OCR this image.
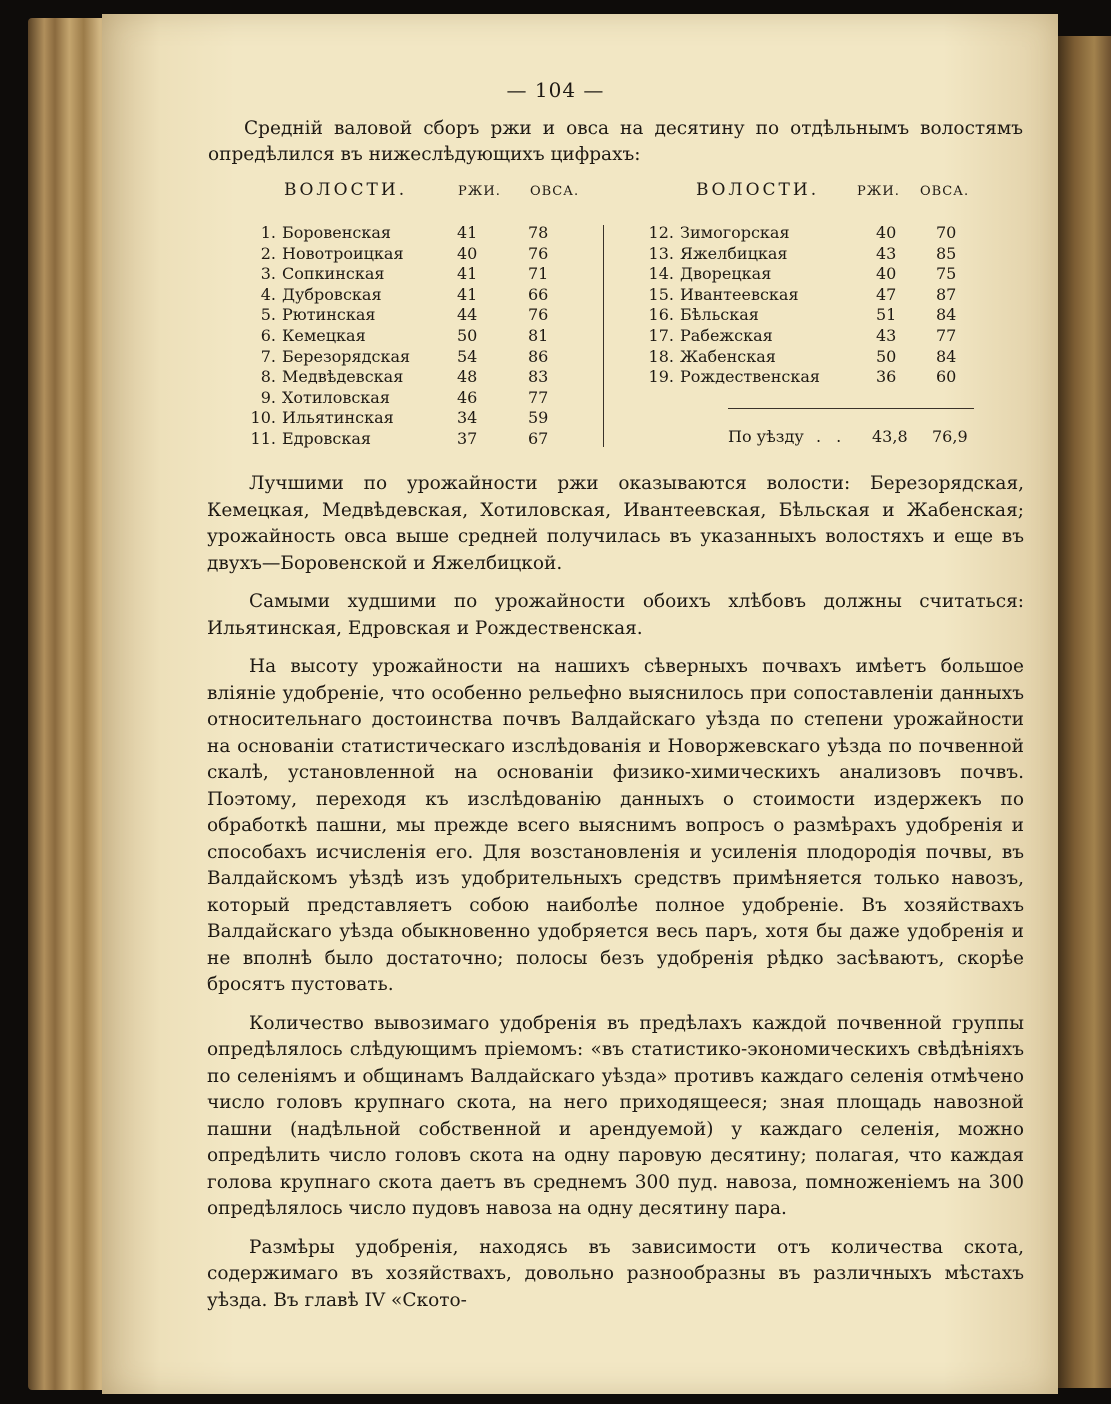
— 104 —

Средній валовой сборъ ржи и овса на десятину по отдѣльнымъ волостямъ опредѣлился въ нижеслѣдующихъ цифрахъ:

ВОЛОСТИ.	РЖИ. ОВСА.	ВОЛОСТИ.	РЖИ. ОВСА.
1. Боровенская	41	78
2. Новотроицкая	40	76
3. Сопкинская	41	71
4. Дубровская	41	66
5. Рютинская	44	76
6. Кемецкая	50	81
7. Березорядская	54	86
8. Медвѣдевская	48	83
9. Хотиловская	46	77
10. Ильятинская	34	59
11. Едровская	37	67
12. Зимогорская	40 70
13. Яжелбицкая	43 85
14. Дворецкая	40 75
15. Ивантеевская	47 87
16. Бѣльская	51 84
17. Рабежская	43 77
18. Жабенская	50 84
19. Рождественская	36 60
По уѣзду . . 43,8 76,9

Лучшими по урожайности ржи оказываются волости: Березорядская, Кемецкая, Медвѣдевская, Хотиловская, Ивантеевская, Бѣльская и Жабенская; урожайность овса выше средней получилась въ указанныхъ волостяхъ и еще въ двухъ—Боровенской и Яжелбицкой.

Самыми худшими по урожайности обоихъ хлѣбовъ должны считаться: Ильятинская, Едровская и Рождественская.

На высоту урожайности на нашихъ сѣверныхъ почвахъ имѣетъ большое вліяніе удобреніе, что особенно рельефно выяснилось при сопоставленіи данныхъ относительнаго достоинства почвъ Валдайскаго уѣзда по степени урожайности на основаніи статистическаго изслѣдованія и Новоржевскаго уѣзда по почвенной скалѣ, установленной на основаніи физико-химическихъ анализовъ почвъ. Поэтому, переходя къ изслѣдованію данныхъ о стоимости издержекъ по обработкѣ пашни, мы прежде всего выяснимъ вопросъ о размѣрахъ удобренія и способахъ исчисленія его. Для возстановленія и усиленія плодородія почвы, въ Валдайскомъ уѣздѣ изъ удобрительныхъ средствъ примѣняется только навозъ, который представляетъ собою наиболѣе полное удобреніе. Въ хозяйствахъ Валдайскаго уѣзда обыкновенно удобряется весь паръ, хотя бы даже удобренія и не вполнѣ было достаточно; полосы безъ удобренія рѣдко засѣваютъ, скорѣе бросятъ пустовать.

Количество вывозимаго удобренія въ предѣлахъ каждой почвенной группы опредѣлялось слѣдующимъ пріемомъ: «въ статистико-экономическихъ свѣдѣніяхъ по селеніямъ и общинамъ Валдайскаго уѣзда» противъ каждаго селенія отмѣчено число головъ крупнаго скота, на него приходящееся; зная площадь навозной пашни (надѣльной собственной и арендуемой) у каждаго селенія, можно опредѣлить число головъ скота на одну паровую десятину; полагая, что каждая голова крупнаго скота даетъ въ среднемъ 300 пуд. навоза, помноженіемъ на 300 опредѣлялось число пудовъ навоза на одну десятину пара.

Размѣры удобренія, находясь въ зависимости отъ количества скота, содержимаго въ хозяйствахъ, довольно разнообразны въ различныхъ мѣстахъ уѣзда. Въ главѣ IV «Ското-
